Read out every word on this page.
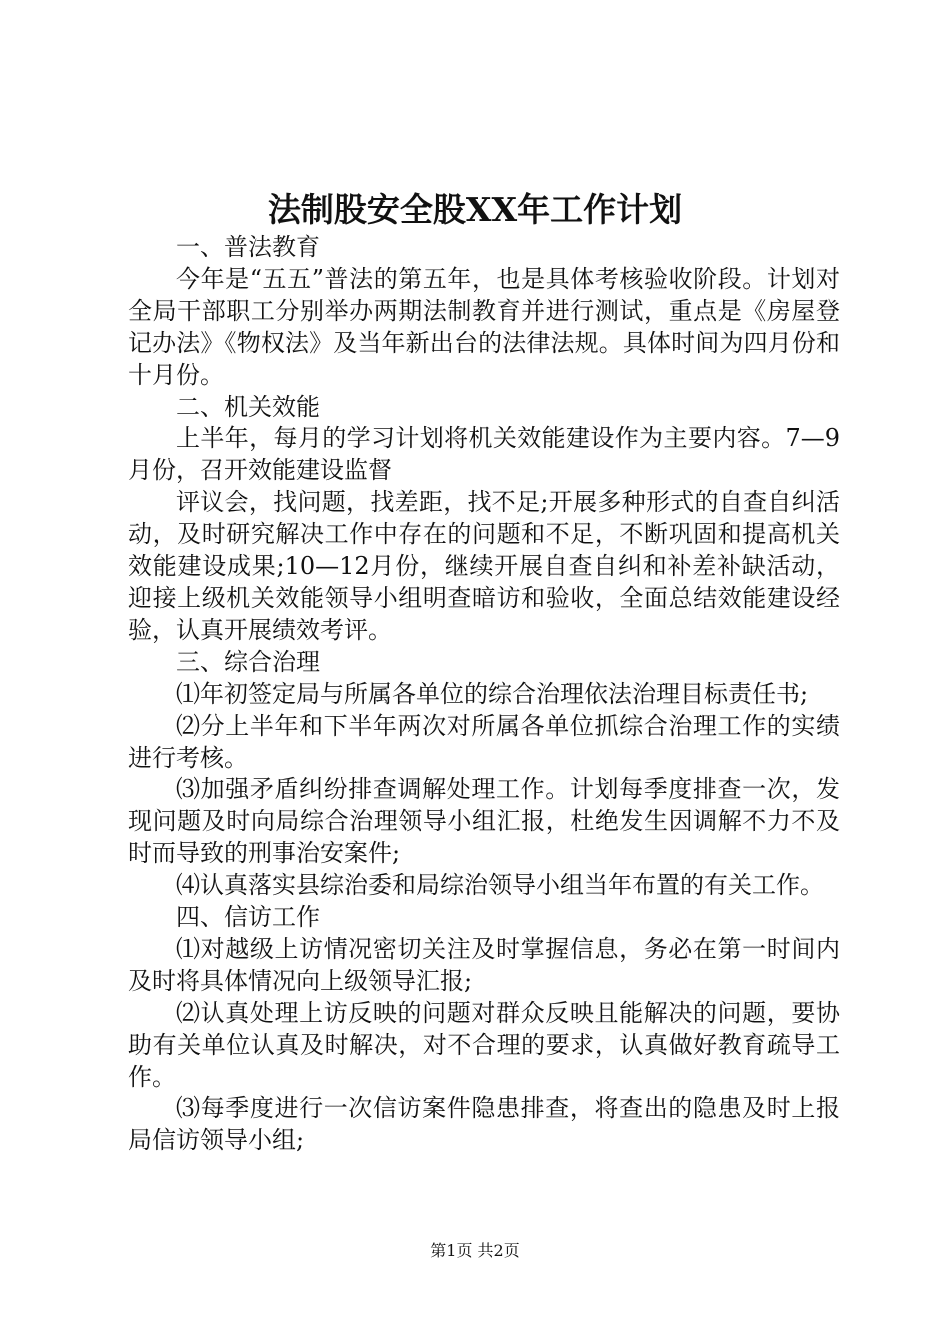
法制股安全股XX年工作计划

一、普法教育

今年是“五五”普法的第五年，也是具体考核验收阶段。计划对全局干部职工分别举办两期法制教育并进行测试，重点是《房屋登记办法》《物权法》及当年新出台的法律法规。具体时间为四月份和十月份。

二、机关效能

上半年，每月的学习计划将机关效能建设作为主要内容。7—9月份，召开效能建设监督

评议会，找问题，找差距，找不足;开展多种形式的自查自纠活动，及时研究解决工作中存在的问题和不足，不断巩固和提高机关效能建设成果;10—12月份，继续开展自查自纠和补差补缺活动，迎接上级机关效能领导小组明查暗访和验收，全面总结效能建设经验，认真开展绩效考评。

三、综合治理

⑴年初签定局与所属各单位的综合治理依法治理目标责任书;

⑵分上半年和下半年两次对所属各单位抓综合治理工作的实绩进行考核。

⑶加强矛盾纠纷排查调解处理工作。计划每季度排查一次，发现问题及时向局综合治理领导小组汇报，杜绝发生因调解不力不及时而导致的刑事治安案件;

⑷认真落实县综治委和局综治领导小组当年布置的有关工作。

四、信访工作

⑴对越级上访情况密切关注及时掌握信息，务必在第一时间内及时将具体情况向上级领导汇报;

⑵认真处理上访反映的问题对群众反映且能解决的问题，要协助有关单位认真及时解决，对不合理的要求，认真做好教育疏导工作。

⑶每季度进行一次信访案件隐患排查，将查出的隐患及时上报局信访领导小组;

第1页 共2页
